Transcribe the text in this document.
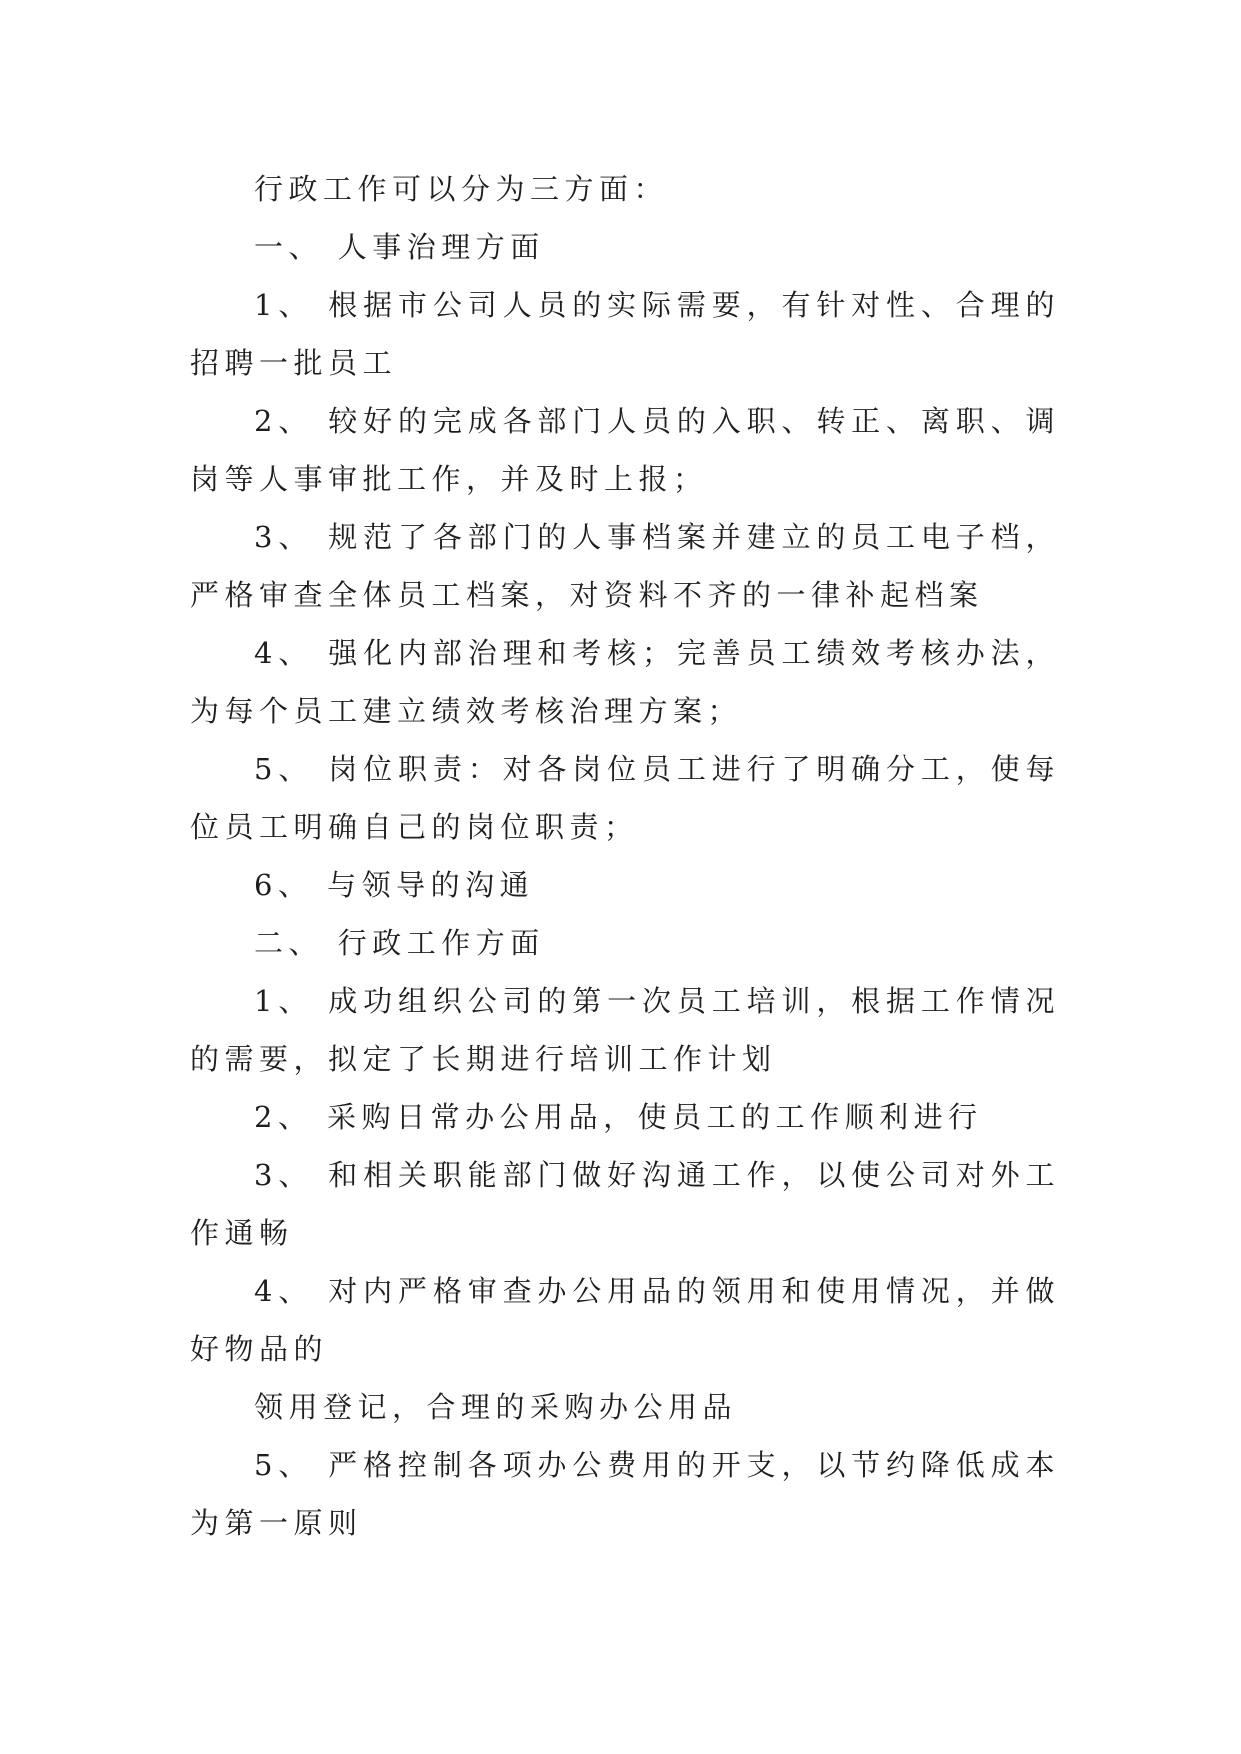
行政工作可以分为三方面：

一、 人事治理方面

1、 根据市公司人员的实际需要，有针对性、合理的招聘一批员工

2、 较好的完成各部门人员的入职、转正、离职、调岗等人事审批工作，并及时上报；

3、 规范了各部门的人事档案并建立的员工电子档，严格审查全体员工档案，对资料不齐的一律补起档案

4、 强化内部治理和考核；完善员工绩效考核办法，为每个员工建立绩效考核治理方案；

5、 岗位职责：对各岗位员工进行了明确分工，使每位员工明确自己的岗位职责；

6、 与领导的沟通

二、 行政工作方面

1、 成功组织公司的第一次员工培训，根据工作情况的需要，拟定了长期进行培训工作计划

2、 采购日常办公用品，使员工的工作顺利进行

3、 和相关职能部门做好沟通工作，以使公司对外工作通畅

4、 对内严格审查办公用品的领用和使用情况，并做好物品的

领用登记，合理的采购办公用品

5、 严格控制各项办公费用的开支，以节约降低成本为第一原则
